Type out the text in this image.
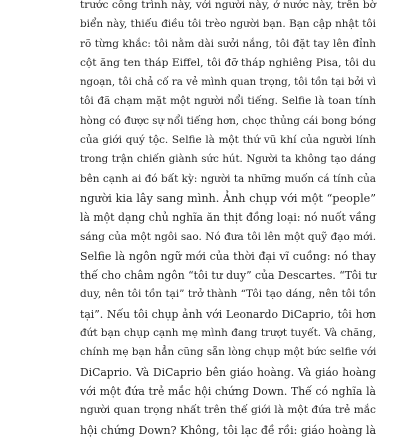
trước công trình này, với người này, ở nước này, trên bờ
biển này, thiếu điều tôi trèo người bạn. Bạn cập nhật tôi
rõ từng khắc: tôi nằm dài sưởi nắng, tôi đặt tay lên đỉnh
cột ăng ten tháp Eiffel, tôi đỡ tháp nghiêng Pisa, tôi du
ngoạn, tôi chả cố ra vẻ mình quan trọng, tôi tồn tại bởi vì
tôi đã chạm mặt một người nổi tiếng. Selfie là toan tính
hòng có được sự nổi tiếng hơn, chọc thủng cái bong bóng
của giới quý tộc. Selfie là một thứ vũ khí của người lính
trong trận chiến giành sức hút. Người ta không tạo dáng
bên cạnh ai đó bất kỳ: người ta những muốn cá tính của
người kia lây sang mình. Ảnh chụp với một “people”
là một dạng chủ nghĩa ăn thịt đồng loại: nó nuốt vầng
sáng của một ngôi sao. Nó đưa tôi lên một quỹ đạo mới.
Selfie là ngôn ngữ mới của thời đại vĩ cuồng: nó thay
thế cho châm ngôn “tôi tư duy” của Descartes. “Tôi tư
duy, nên tôi tồn tại” trở thành “Tôi tạo dáng, nên tôi tồn
tại”. Nếu tôi chụp ảnh với Leonardo DiCaprio, tôi hơn
đứt bạn chụp cạnh mẹ mình đang trượt tuyết. Và chăng,
chính mẹ bạn hẳn cũng sẵn lòng chụp một bức selfie với
DiCaprio. Và DiCaprio bên giáo hoàng. Và giáo hoàng
với một đứa trẻ mắc hội chứng Down. Thế có nghĩa là
người quan trọng nhất trên thế giới là một đứa trẻ mắc
hội chứng Down? Không, tôi lạc đề rồi: giáo hoàng là
